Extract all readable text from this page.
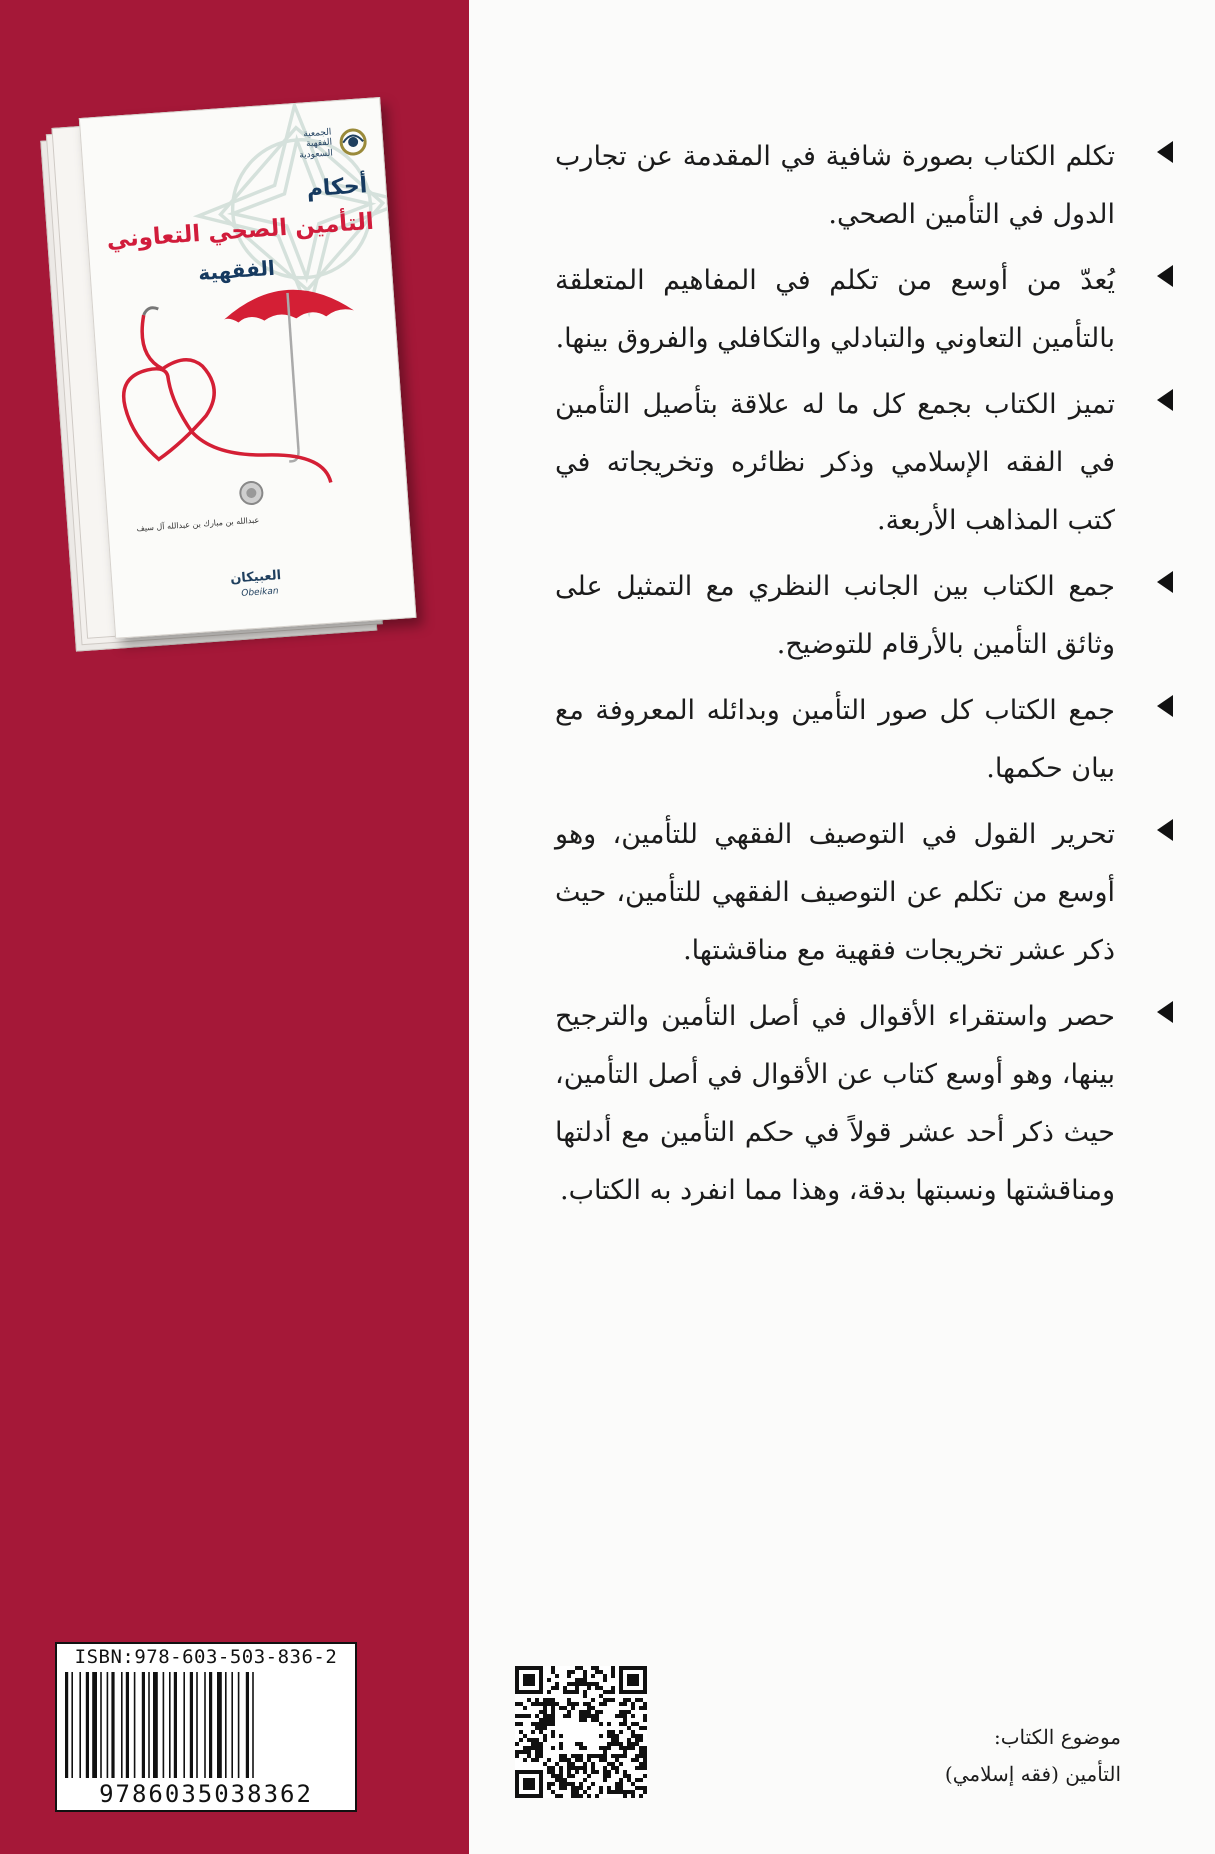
الجمعية الفقهية السعودية
أحكام
التأمين الصحي التعاوني
الفقهية
عبدالله بن مبارك بن عبدالله آل سيف
العبيكان
Obeikan
ISBN:978-603-503-836-2
9786035038362
تكلم الكتاب بصورة شافية في المقدمة عن تجارب الدول في التأمين الصحي.
يُعدّ من أوسع من تكلم في المفاهيم المتعلقة بالتأمين التعاوني والتبادلي والتكافلي والفروق بينها.
تميز الكتاب بجمع كل ما له علاقة بتأصيل التأمين في الفقه الإسلامي وذكر نظائره وتخريجاته في كتب المذاهب الأربعة.
جمع الكتاب بين الجانب النظري مع التمثيل على وثائق التأمين بالأرقام للتوضيح.
جمع الكتاب كل صور التأمين وبدائله المعروفة مع بيان حكمها.
تحرير القول في التوصيف الفقهي للتأمين، وهو أوسع من تكلم عن التوصيف الفقهي للتأمين، حيث ذكر عشر تخريجات فقهية مع مناقشتها.
حصر واستقراء الأقوال في أصل التأمين والترجيح بينها، وهو أوسع كتاب عن الأقوال في أصل التأمين، حيث ذكر أحد عشر قولاً في حكم التأمين مع أدلتها ومناقشتها ونسبتها بدقة، وهذا مما انفرد به الكتاب.
موضوع الكتاب:
التأمين (فقه إسلامي)
